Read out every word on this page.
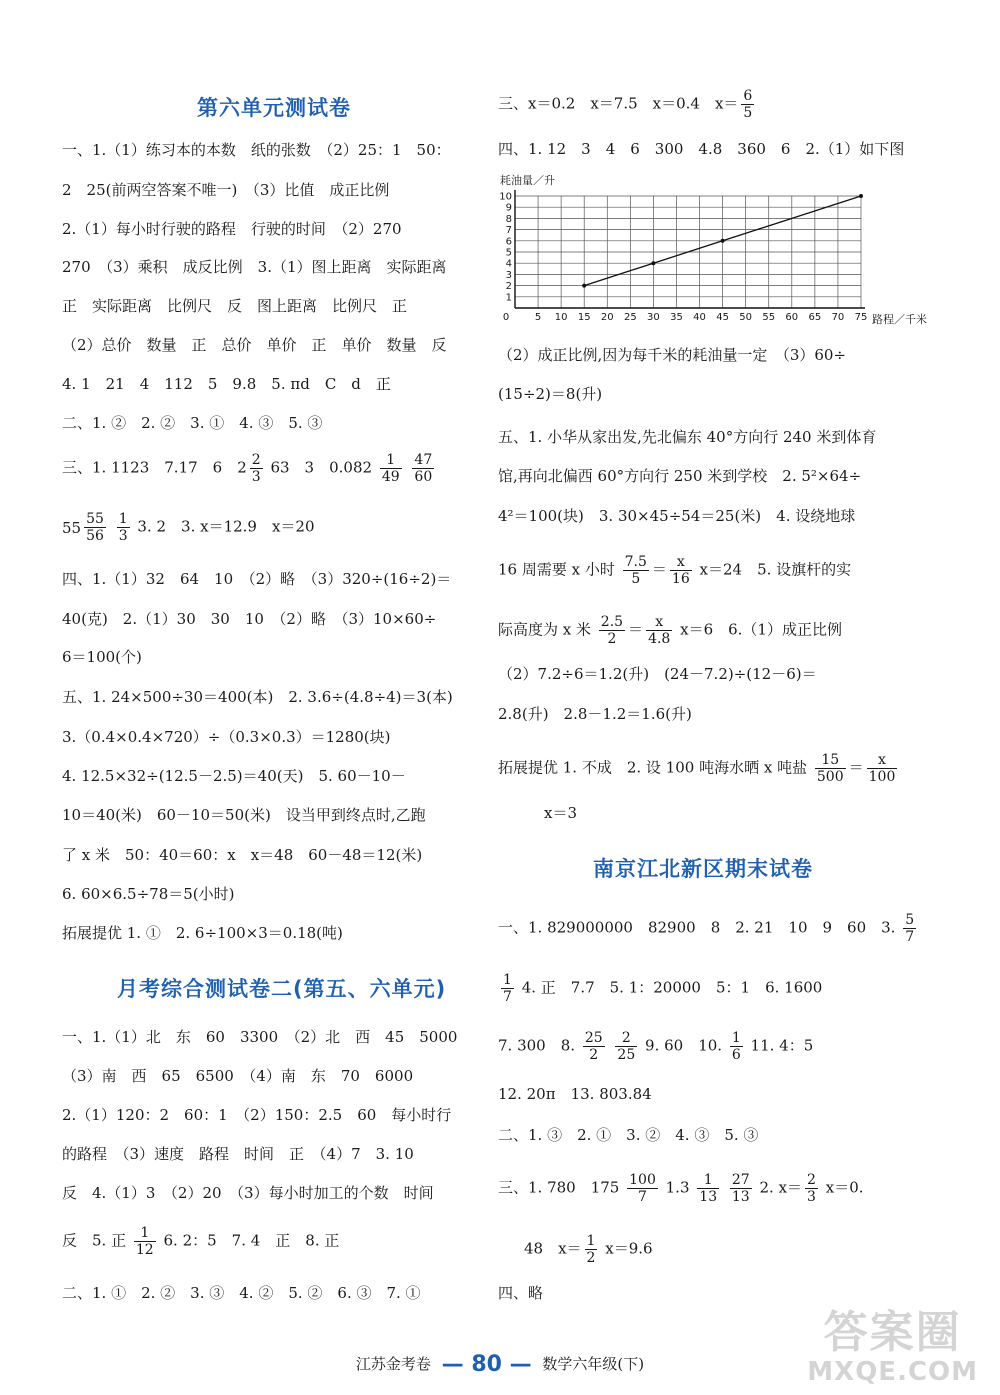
第六单元测试卷
一、1.（1）练习本的本数　纸的张数　（2）25：1　50：
2　25(前两空答案不唯一)　（3）比值　成正比例
2.（1）每小时行驶的路程　行驶的时间　（2）270
270　（3）乘积　成反比例　3.（1）图上距离　实际距离
正　实际距离　比例尺　反　图上距离　比例尺　正
（2）总价　数量　正　总价　单价　正　单价　数量　反
4. 1　21　4　112　5　9.8　5. πd　C　d　正
二、1. ②　2. ②　3. ①　4. ③　5. ③
三、1. 1123　7.17　6　$2 \frac{2}{3} 63$　3　$0.082 \frac{1}{49}$
$\frac{47}{60}$
$55 \frac{55}{56}$
$\frac{1}{3} 3$. 2　3. x＝12.9　x＝20
四、1.（1）32　64　10　（2）略　（3）320÷(16÷2)＝
40(克)　2.（1）30　30　10　（2）略　（3）10×60÷
6＝100(个)
五、1. 24×500÷30＝400(本)　2. 3.6÷(4.8÷4)＝3(本)
3.（0.4×0.4×720）÷（0.3×0.3）＝1280(块)
4. 12.5×32÷(12.5－2.5)＝40(天)　5. 60－10－
10＝40(米)　60－10＝50(米)　设当甲到终点时,乙跑
了 x 米　50：40＝60：x　x＝48　60－48＝12(米)
6. 60×6.5÷78＝5(小时)
拓展提优 1. ①　2. 6÷100×3＝0.18(吨)
月考综合测试卷二(第五、六单元)
一、1.（1）北　东　60　3300　（2）北　西　45　5000
（3）南　西　65　6500　（4）南　东　70　6000
2.（1）120：2　60：1　（2）150：2.5　60　每小时行
的路程　（3）速度　路程　时间　正　（4）7　3. 10
反　4.（1）3　（2）20　（3）每小时加工的个数　时间
反　5. 正 $\frac{1}{12} 6$. 2：5　7. 4　正　8. 正
二、1. ①　2. ②　3. ③　4. ②　5. ②　6. ③　7. ①
三、x＝0.2　x＝7.5　x＝0.4　$x= \frac{6}{5}$
四、1. 12　3　4　6　300　4.8　360　6　2.（1）如下图
（2）成正比例,因为每千米的耗油量一定　（3）60÷
(15÷2)＝8(升)
五、1. 小华从家出发,先北偏东 40°方向行 240 米到体育
馆,再向北偏西 60°方向行 250 米到学校　2. 5²×64÷
4²＝100(块)　3. 30×45÷54＝25(米)　4. 设绕地球
16 周需要 x 小时 $\frac{7.5}{5} = \frac{x}{16} x=24$　5. 设旗杆的实
际高度为 x 米 $\frac{2.5}{2} = \frac{x}{4.8} x=6$　6.（1）成正比例
（2）7.2÷6＝1.2(升)　(24－7.2)÷(12－6)＝
2.8(升)　2.8－1.2＝1.6(升)
拓展提优 1. 不成　2. 设 100 吨海水晒 x 吨盐 $\frac{15}{500} = \frac{x}{100}$
x＝3
南京江北新区期末试卷
一、1. 829000000　82900　8　2. 21　10　9　60　3. $\frac{5}{7}$
$\frac{1}{7} 4$. 正　7.7　5. 1：20000　5：1　6. 1600
7. 300　8. $\frac{25}{2}$
$\frac{2}{25} 9$. 60　10. $\frac{1}{6} 11$. 4：5
12. 20π　13. 803.84
二、1. ③　2. ①　3. ②　4. ③　5. ③
三、1. 780　$175 \frac{100}{7} 1.3 \frac{1}{13}$
$\frac{27}{13} 2$. $x= \frac{2}{3} x=0$.
48　$x= \frac{1}{2} x=9.6$
四、略
0	5 10 15 20 25 30 35 40 45 50 55 60 65 70 75
1
2
3
4
5
6
7
8
9
10
耗油量／升
路程／千米
江苏金考卷 — 80 — 数学六年级(下)
答案圈
MXQE.COM
